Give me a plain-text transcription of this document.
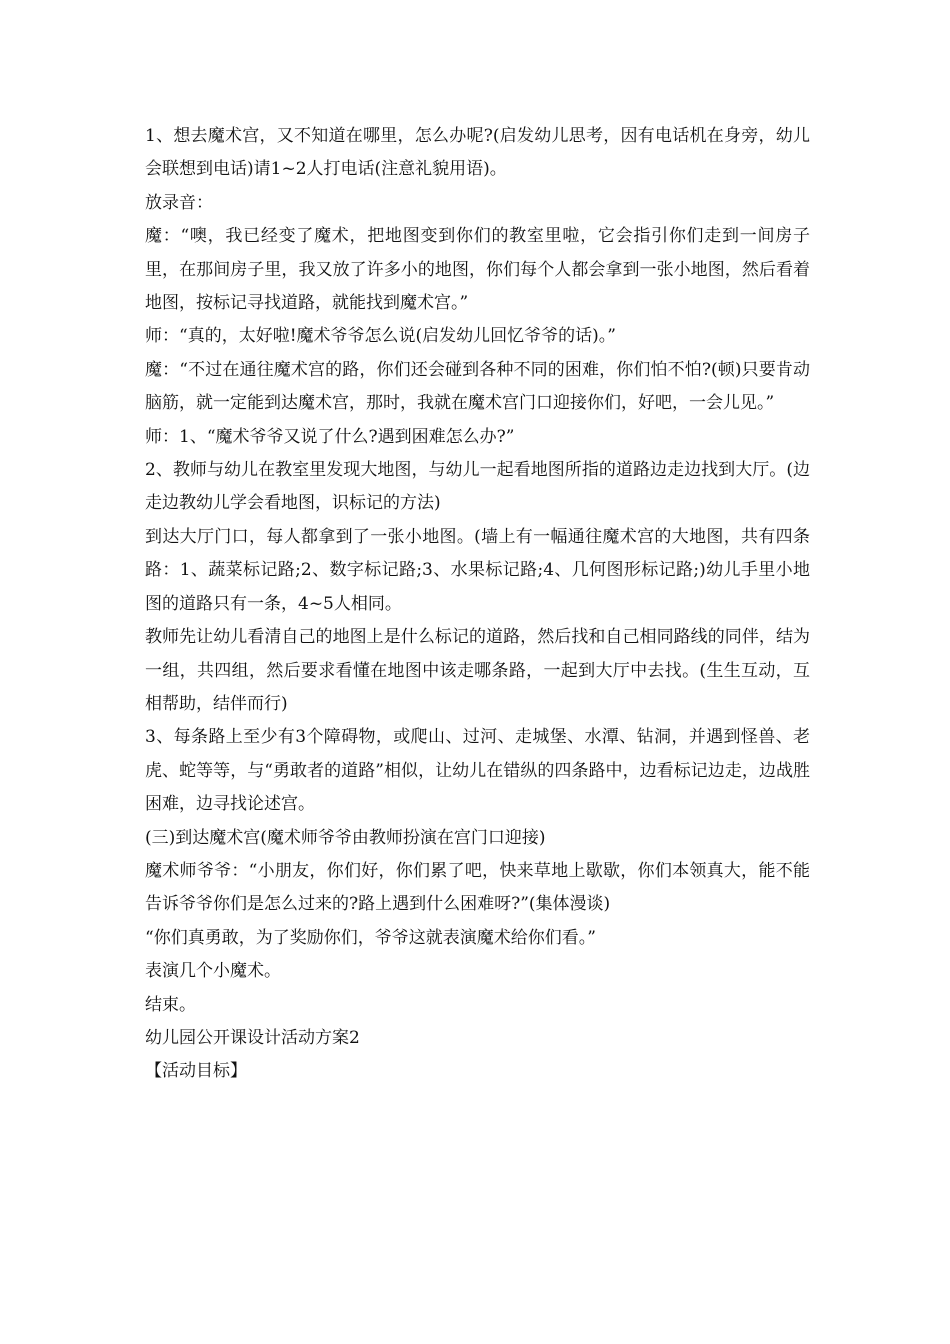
1、想去魔术宫，又不知道在哪里，怎么办呢?(启发幼儿思考，因有电话机在身旁，幼儿会联想到电话)请1~2人打电话(注意礼貌用语)。

放录音：

魔：“噢，我已经变了魔术，把地图变到你们的教室里啦，它会指引你们走到一间房子里，在那间房子里，我又放了许多小的地图，你们每个人都会拿到一张小地图，然后看着地图，按标记寻找道路，就能找到魔术宫。”

师：“真的，太好啦!魔术爷爷怎么说(启发幼儿回忆爷爷的话)。”

魔：“不过在通往魔术宫的路，你们还会碰到各种不同的困难，你们怕不怕?(顿)只要肯动脑筋，就一定能到达魔术宫，那时，我就在魔术宫门口迎接你们，好吧，一会儿见。”

师：1、“魔术爷爷又说了什么?遇到困难怎么办?”

2、教师与幼儿在教室里发现大地图，与幼儿一起看地图所指的道路边走边找到大厅。(边走边教幼儿学会看地图，识标记的方法)

到达大厅门口，每人都拿到了一张小地图。(墙上有一幅通往魔术宫的大地图，共有四条路：1、蔬菜标记路;2、数字标记路;3、水果标记路;4、几何图形标记路;)幼儿手里小地图的道路只有一条，4~5人相同。

教师先让幼儿看清自己的地图上是什么标记的道路，然后找和自己相同路线的同伴，结为一组，共四组，然后要求看懂在地图中该走哪条路，一起到大厅中去找。(生生互动，互相帮助，结伴而行)

3、每条路上至少有3个障碍物，或爬山、过河、走城堡、水潭、钻洞，并遇到怪兽、老虎、蛇等等，与“勇敢者的道路”相似，让幼儿在错纵的四条路中，边看标记边走，边战胜困难，边寻找论述宫。

(三)到达魔术宫(魔术师爷爷由教师扮演在宫门口迎接)

魔术师爷爷：“小朋友，你们好，你们累了吧，快来草地上歇歇，你们本领真大，能不能告诉爷爷你们是怎么过来的?路上遇到什么困难呀?”(集体漫谈)

“你们真勇敢，为了奖励你们，爷爷这就表演魔术给你们看。”

表演几个小魔术。

结束。

幼儿园公开课设计活动方案2

【活动目标】
